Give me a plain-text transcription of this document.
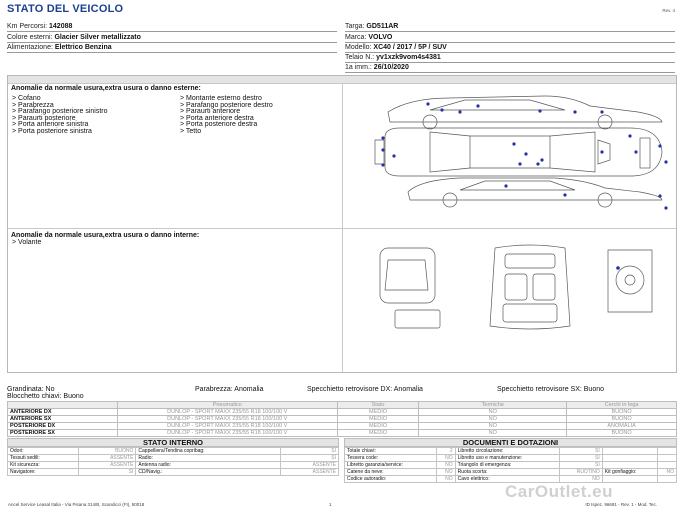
STATO DEL VEICOLO	Rev. 4
Km Percorsi: 142088
Colore esterni: Glacier Silver metallizzato
Alimentazione: Elettrico Benzina
Targa: GD511AR
Marca: VOLVO
Modello: XC40 / 2017 / 5P / SUV
Telaio N.: yv1xzk9vom4s4381
1a imm.: 26/10/2020
Anomalie da normale usura,extra usura o danno esterne:
> Cofano
> Parabrezza
> Parafango posteriore sinistro
> Paraurti posteriore
> Porta anteriore sinistra
> Porta posteriore sinistra
> Montante esterno destro
> Parafango posteriore destro
> Paraurti anteriore
> Porta anteriore destra
> Porta posteriore destra
> Tetto
Anomalie da normale usura,extra usura o danno interne:
> Volante
Grandinata: No	Parabrezza: Anomalia	Specchietto retrovisore DX: Anomalia	Specchietto retrovisore SX: Buono
Blocchetto chiavi: Buono
	Pneumatico	Stato	Termiche	Cerchi in lega
ANTERIORE DX	DUNLOP - SPORT MAXX 235/55 R18 100/100 V	MEDIO	NO	BUONO
ANTERIORE SX	DUNLOP - SPORT MAXX 235/55 R18 100/100 V	MEDIO	NO	BUONO
POSTERIORE DX	DUNLOP - SPORT MAXX 235/55 R18 100/100 V	MEDIO	NO	ANOMALIA
POSTERIORE SX	DUNLOP - SPORT MAXX 235/55 R18 100/100 V	MEDIO	NO	BUONO
STATO INTERNO
Odori:	BUONO	Cappelliera/Tendina copribag:	SI
Tessuti sedili:	ASSENTE	Radio:	SI
Kit sicurezza:	ASSENTE	Antenna radio:	ASSENTE
Navigatore:	SI	CD/Navig.:	ASSENTE
DOCUMENTI E DOTAZIONI
Totale chiavi:	2	Libretto circolazione:	SI		
Tessera code:	NO	Libretto uso e manutenzione:	SI		
Libretto garanzia/service:	NO	Triangolo di emergenza:	SI		
Catene da neve:	NO	Ruota scorta:	RUOTINO	Kit gonfiaggio:	NO
Codice autoradio:	NO	Cavo elettrico:	NO		
Ancel Service Leasal Italia - Via Pisana 314/B, Scandicci (FI), 50018	1	ID Ispez. 96691 - Rev. 1 - Mod. Tec.
CarOutlet.eu
